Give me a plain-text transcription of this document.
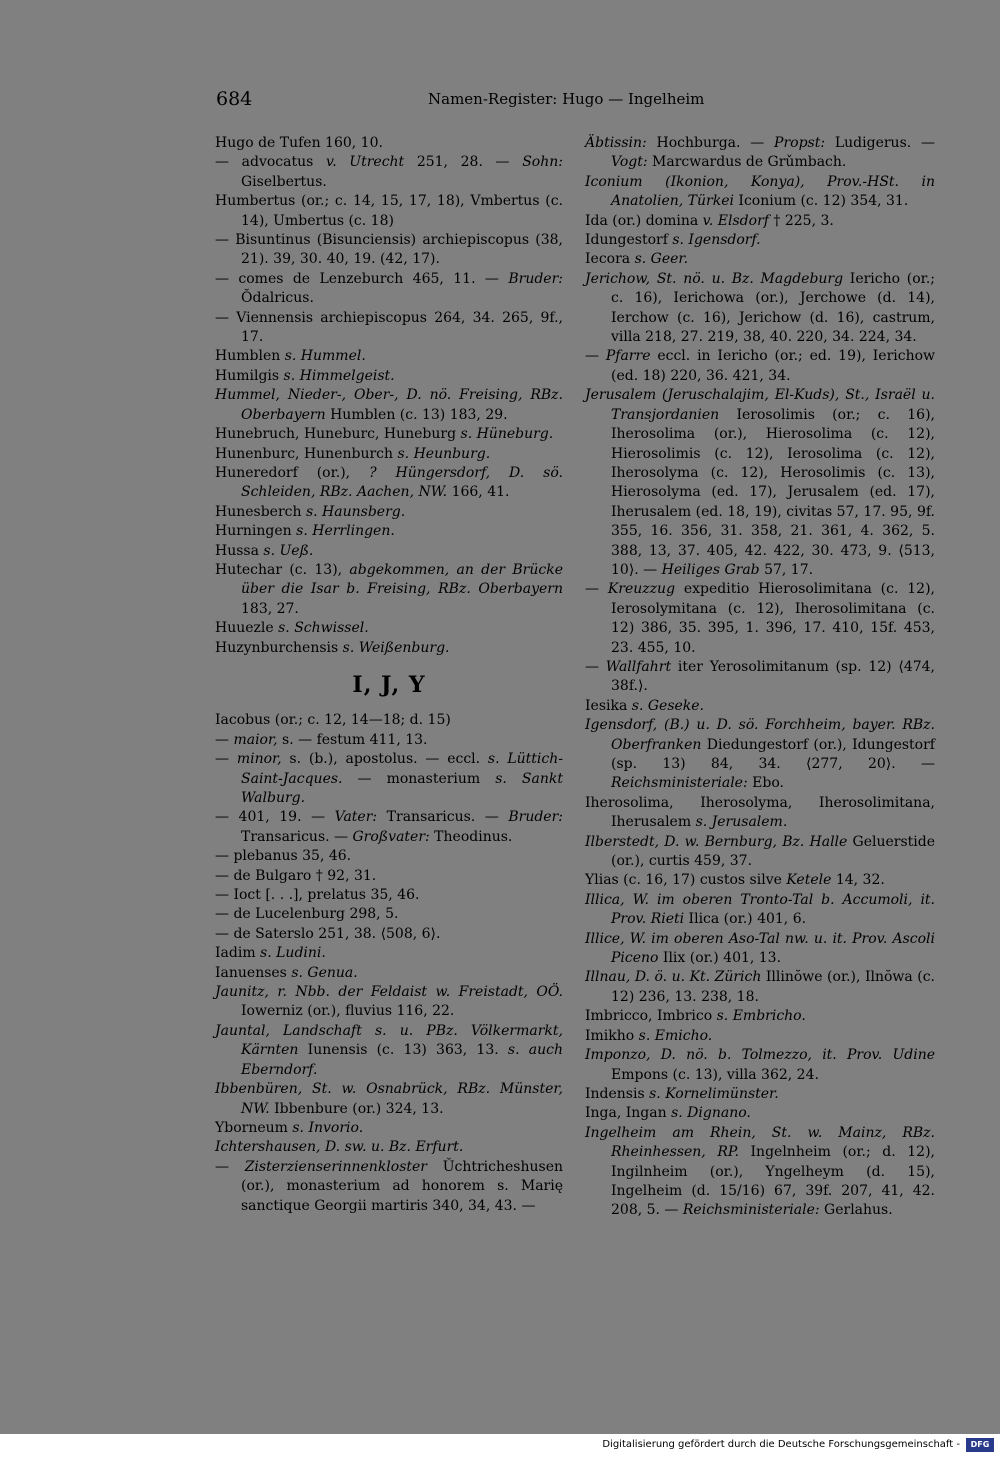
684	Namen-Register: Hugo — Ingelheim
Hugo de Tufen 160, 10.
— advocatus v. Utrecht 251, 28. — Sohn: Giselbertus.
Humbertus (or.; c. 14, 15, 17, 18), Vmbertus (c. 14), Umbertus (c. 18)
— Bisuntinus (Bisunciensis) archiepiscopus (38, 21). 39, 30. 40, 19. (42, 17).
— comes de Lenzeburch 465, 11. — Bruder: Ŏdalricus.
— Viennensis archiepiscopus 264, 34. 265, 9f., 17.
Humblen s. Hummel.
Humilgis s. Himmelgeist.
Hummel, Nieder-, Ober-, D. nö. Freising, RBz. Oberbayern Humblen (c. 13) 183, 29.
Hunebruch, Huneburc, Huneburg s. Hüneburg.
Hunenburc, Hunenburch s. Heunburg.
Huneredorf (or.), ? Hüngersdorf, D. sö. Schleiden, RBz. Aachen, NW. 166, 41.
Hunesberch s. Haunsberg.
Hurningen s. Herrlingen.
Hussa s. Ueß.
Hutechar (c. 13), abgekommen, an der Brücke über die Isar b. Freising, RBz. Oberbayern 183, 27.
Huuezle s. Schwissel.
Huzynburchensis s. Weißenburg.
I, J, Y
Iacobus (or.; c. 12, 14—18; d. 15)
— maior, s. — festum 411, 13.
— minor, s. (b.), apostolus. — eccl. s. Lüttich-Saint-Jacques. — monasterium s. Sankt Walburg.
— 401, 19. — Vater: Transaricus. — Bruder: Transaricus. — Großvater: Theodinus.
— plebanus 35, 46.
— de Bulgaro † 92, 31.
— Ioct [. . .], prelatus 35, 46.
— de Lucelenburg 298, 5.
— de Saterslo 251, 38. ⟨508, 6⟩.
Iadim s. Ludini.
Ianuenses s. Genua.
Jaunitz, r. Nbb. der Feldaist w. Freistadt, OÖ. Iowerniz (or.), fluvius 116, 22.
Jauntal, Landschaft s. u. PBz. Völkermarkt, Kärnten Iunensis (c. 13) 363, 13. s. auch Eberndorf.
Ibbenbüren, St. w. Osnabrück, RBz. Münster, NW. Ibbenbure (or.) 324, 13.
Yborneum s. Invorio.
Ichtershausen, D. sw. u. Bz. Erfurt.
— Zisterzienserinnenkloster Ǔchtricheshusen (or.), monasterium ad honorem s. Marię sanctique Georgii martiris 340, 34, 43. —
Äbtissin: Hochburga. — Propst: Ludigerus. — Vogt: Marcwardus de Grǔmbach.
Iconium (Ikonion, Konya), Prov.-HSt. in Anatolien, Türkei Iconium (c. 12) 354, 31.
Ida (or.) domina v. Elsdorf † 225, 3.
Idungestorf s. Igensdorf.
Iecora s. Geer.
Jerichow, St. nö. u. Bz. Magdeburg Iericho (or.; c. 16), Ierichowa (or.), Jerchowe (d. 14), Ierchow (c. 16), Jerichow (d. 16), castrum, villa 218, 27. 219, 38, 40. 220, 34. 224, 34.
— Pfarre eccl. in Iericho (or.; ed. 19), Ierichow (ed. 18) 220, 36. 421, 34.
Jerusalem (Jeruschalajim, El-Kuds), St., Israël u. Transjordanien Ierosolimis (or.; c. 16), Iherosolima (or.), Hierosolima (c. 12), Hierosolimis (c. 12), Ierosolima (c. 12), Iherosolyma (c. 12), Herosolimis (c. 13), Hierosolyma (ed. 17), Jerusalem (ed. 17), Iherusalem (ed. 18, 19), civitas 57, 17. 95, 9f. 355, 16. 356, 31. 358, 21. 361, 4. 362, 5. 388, 13, 37. 405, 42. 422, 30. 473, 9. ⟨513, 10⟩. — Heiliges Grab 57, 17.
— Kreuzzug expeditio Hierosolimitana (c. 12), Ierosolymitana (c. 12), Iherosolimitana (c. 12) 386, 35. 395, 1. 396, 17. 410, 15f. 453, 23. 455, 10.
— Wallfahrt iter Yerosolimitanum (sp. 12) ⟨474, 38f.⟩.
Iesika s. Geseke.
Igensdorf, (B.) u. D. sö. Forchheim, bayer. RBz. Oberfranken Diedungestorf (or.), Idungestorf (sp. 13) 84, 34. ⟨277, 20⟩. — Reichsministeriale: Ebo.
Iherosolima, Iherosolyma, Iherosolimitana, Iherusalem s. Jerusalem.
Ilberstedt, D. w. Bernburg, Bz. Halle Geluerstide (or.), curtis 459, 37.
Ylias (c. 16, 17) custos silve Ketele 14, 32.
Illica, W. im oberen Tronto-Tal b. Accumoli, it. Prov. Rieti Ilica (or.) 401, 6.
Illice, W. im oberen Aso-Tal nw. u. it. Prov. Ascoli Piceno Ilix (or.) 401, 13.
Illnau, D. ö. u. Kt. Zürich Illinŏwe (or.), Ilnŏwa (c. 12) 236, 13. 238, 18.
Imbricco, Imbrico s. Embricho.
Imikho s. Emicho.
Imponzo, D. nö. b. Tolmezzo, it. Prov. Udine Empons (c. 13), villa 362, 24.
Indensis s. Kornelimünster.
Inga, Ingan s. Dignano.
Ingelheim am Rhein, St. w. Mainz, RBz. Rheinhessen, RP. Ingelnheim (or.; d. 12), Ingilnheim (or.), Yngelheym (d. 15), Ingelheim (d. 15/16) 67, 39f. 207, 41, 42. 208, 5. — Reichsministeriale: Gerlahus.
Digitalisierung gefördert durch die Deutsche Forschungsgemeinschaft -	DFG
